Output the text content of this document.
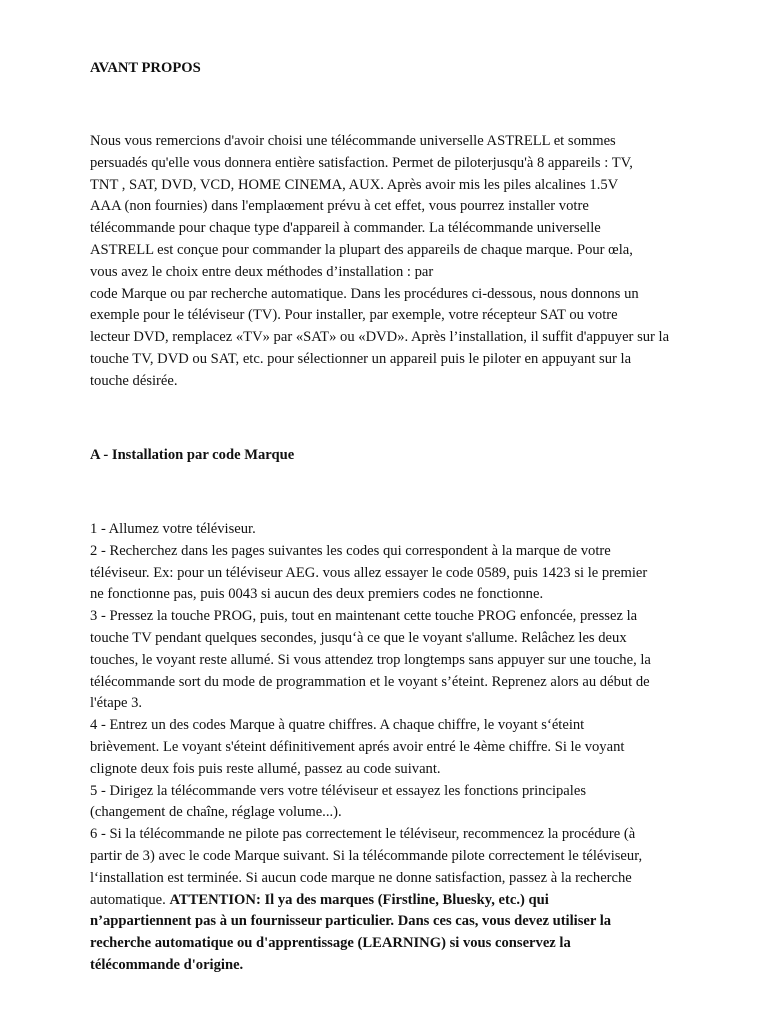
AVANT PROPOS
Nous vous remercions d'avoir choisi une télécommande universelle ASTRELL et sommes
persuadés qu'elle vous donnera entière satisfaction. Permet de piloterjusqu'à 8 appareils : TV,
TNT , SAT, DVD, VCD, HOME CINEMA, AUX. Après avoir mis les piles alcalines 1.5V
AAA (non fournies) dans l'emplaœment prévu à cet effet, vous pourrez installer votre
télécommande pour chaque type d'appareil à commander. La télécommande universelle
ASTRELL est conçue pour commander la plupart des appareils de chaque marque. Pour œla,
vous avez le choix entre deux méthodes d’installation : par
code Marque ou par recherche automatique. Dans les procédures ci-dessous, nous donnons un
exemple pour le téléviseur (TV). Pour installer, par exemple, votre récepteur SAT ou votre
lecteur DVD, remplacez «TV» par «SAT» ou «DVD». Après l’installation, il suffit d'appuyer sur la
touche TV, DVD ou SAT, etc. pour sélectionner un appareil puis le piloter en appuyant sur la
touche désirée.
A - Installation par code Marque
1 - Allumez votre téléviseur.
2 - Recherchez dans les pages suivantes les codes qui correspondent à la marque de votre
téléviseur. Ex: pour un téléviseur AEG. vous allez essayer le code 0589, puis 1423 si le premier
ne fonctionne pas, puis 0043 si aucun des deux premiers codes ne fonctionne.
3 - Pressez la touche PROG, puis, tout en maintenant cette touche PROG enfoncée, pressez la
touche TV pendant quelques secondes, jusqu‘à ce que le voyant s'allume. Relâchez les deux
touches, le voyant reste allumé. Si vous attendez trop longtemps sans appuyer sur une touche, la
télécommande sort du mode de programmation et le voyant s’éteint. Reprenez alors au début de
l'étape 3.
4 - Entrez un des codes Marque à quatre chiffres. A chaque chiffre, le voyant s‘éteint
brièvement. Le voyant s'éteint définitivement aprés avoir entré le 4ème chiffre. Si le voyant
clignote deux fois puis reste allumé, passez au code suivant.
5 - Dirigez la télécommande vers votre téléviseur et essayez les fonctions principales
(changement de chaîne, réglage volume...).
6 - Si la télécommande ne pilote pas correctement le téléviseur, recommencez la procédure (à
partir de 3) avec le code Marque suivant. Si la télécommande pilote correctement le téléviseur,
l‘installation est terminée. Si aucun code marque ne donne satisfaction, passez à la recherche
automatique. ATTENTION: Il ya des marques (Firstline, Bluesky, etc.) qui
n’appartiennent pas à un fournisseur particulier. Dans ces cas, vous devez utiliser la
recherche automatique ou d'apprentissage (LEARNING) si vous conservez la
télécommande d'origine.
